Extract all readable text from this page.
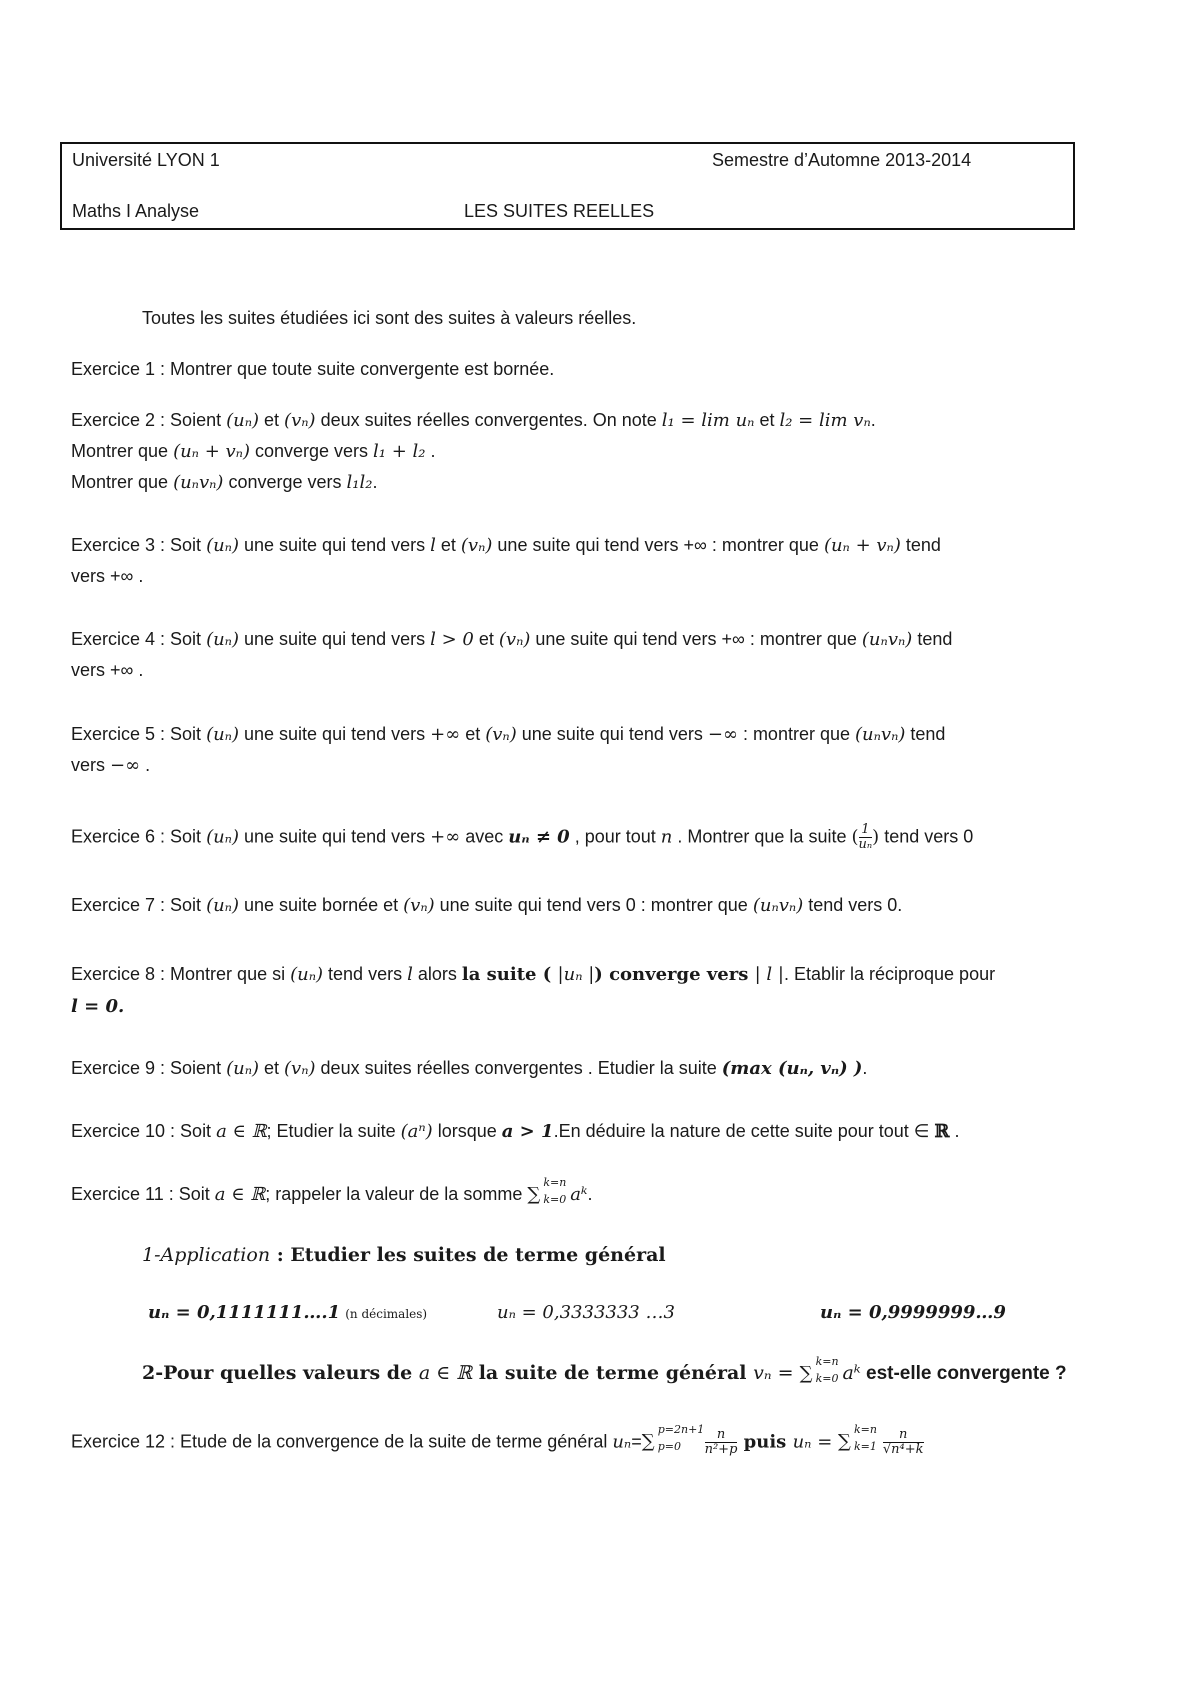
Université LYON 1	Semestre d’Automne 2013-2014
Maths I Analyse	LES SUITES REELLES
Toutes les suites étudiées ici sont des suites à valeurs réelles.
Exercice 1 : Montrer que toute suite convergente est bornée.
Exercice 2 : Soient (uₙ) et (vₙ) deux suites réelles convergentes. On note l₁ = lim uₙ et l₂ = lim vₙ.
Montrer que (uₙ + vₙ) converge vers l₁ + l₂ .
Montrer que (uₙvₙ) converge vers l₁l₂.
Exercice 3 : Soit (uₙ) une suite qui tend vers l et (vₙ) une suite qui tend vers +∞ : montrer que (uₙ + vₙ) tend
vers +∞ .
Exercice 4 : Soit (uₙ) une suite qui tend vers l > 0 et (vₙ) une suite qui tend vers +∞ : montrer que (uₙvₙ) tend
vers +∞ .
Exercice 5 : Soit (uₙ) une suite qui tend vers +∞ et (vₙ) une suite qui tend vers −∞ : montrer que (uₙvₙ) tend
vers −∞ .
Exercice 6 : Soit (uₙ) une suite qui tend vers +∞ avec uₙ ≠ 0 , pour tout n . Montrer que la suite ( $\frac{1}{\text{uₙ}}$ ) tend vers 0
Exercice 7 : Soit (uₙ) une suite bornée et (vₙ) une suite qui tend vers 0 : montrer que (uₙvₙ) tend vers 0.
Exercice 8 : Montrer que si (uₙ) tend vers l alors la suite ( |uₙ |) converge vers | l |. Etablir la réciproque pour
l = 0.
Exercice 9 : Soient (uₙ) et (vₙ) deux suites réelles convergentes . Etudier la suite (max (uₙ, vₙ) ).
Exercice 10 : Soit a ∈ ℝ; Etudier la suite (aⁿ) lorsque a > 1.En déduire la nature de cette suite pour tout ∈ ℝ .
Exercice 11 : Soit a ∈ ℝ; rappeler la valeur de la somme ∑
k=n
k=0 aᵏ.
1-Application : Etudier les suites de terme général
uₙ = 0,1111111….1 (n décimales)	uₙ = 0,3333333 …3	uₙ = 0,9999999…9
2-Pour quelles valeurs de a ∈ ℝ la suite de terme général vₙ = ∑
k=n
k=0 aᵏ est-elle convergente ?
Exercice 12 : Etude de la convergence de la suite de terme général uₙ=∑
p=2n+1
$p=0 \frac{n}{\text{n²+p}}$ puis uₙ = ∑
k=n
$k=1 \frac{n}{\text{√n⁴+k}}$
